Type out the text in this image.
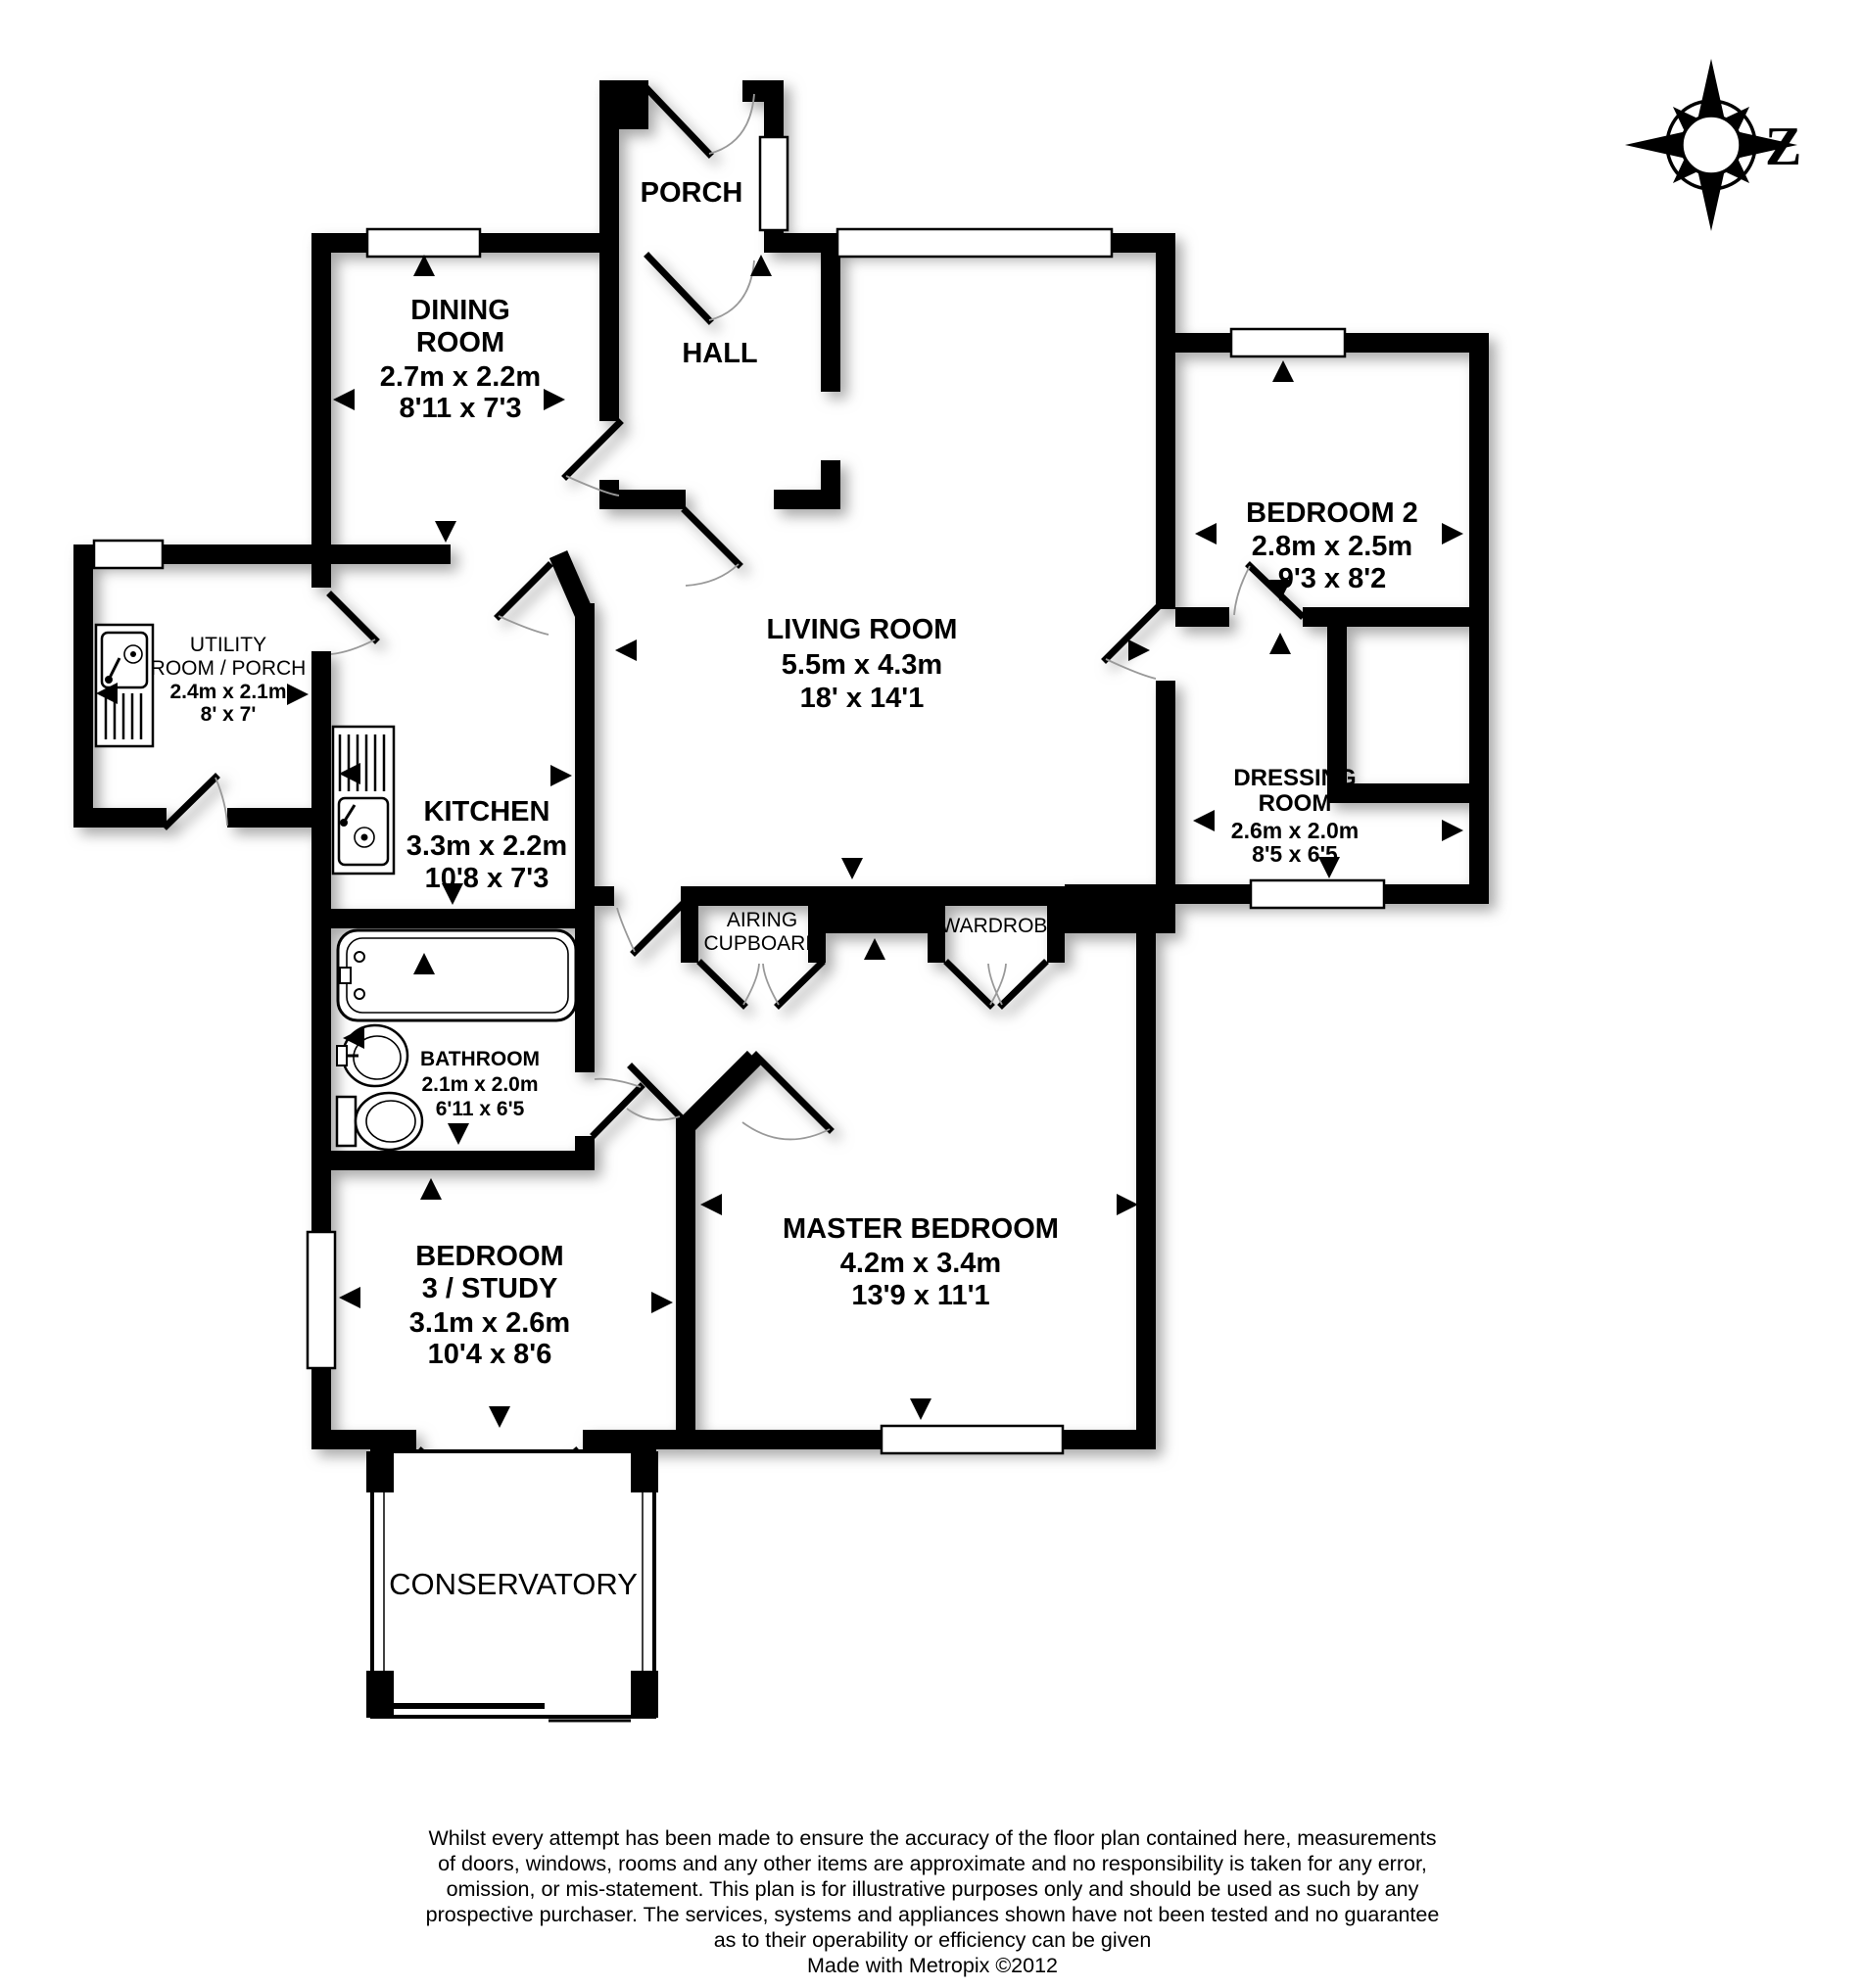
PORCH
DINING
ROOM
2.7m x 2.2m
8'11 x 7'3
HALL
LIVING ROOM
5.5m x 4.3m
18' x 14'1
BEDROOM 2
2.8m x 2.5m
9'3 x 8'2
UTILITY
ROOM / PORCH
2.4m x 2.1m
8' x 7'
KITCHEN
3.3m x 2.2m
10'8 x 7'3
DRESSING
ROOM
2.6m x 2.0m
8'5 x 6'5
AIRING
CUPBOARD
WARDROBE
BATHROOM
2.1m x 2.0m
6'11 x 6'5
BEDROOM
3 / STUDY
3.1m x 2.6m
10'4 x 8'6
MASTER BEDROOM
4.2m x 3.4m
13'9 x 11'1
CONSERVATORY
Z
Whilst every attempt has been made to ensure the accuracy of the floor plan contained here, measurements
of doors, windows, rooms and any other items are approximate and no responsibility is taken for any error,
omission, or mis-statement. This plan is for illustrative purposes only and should be used as such by any
prospective purchaser. The services, systems and appliances shown have not been tested and no guarantee
as to their operability or efficiency can be given
Made with Metropix ©2012
